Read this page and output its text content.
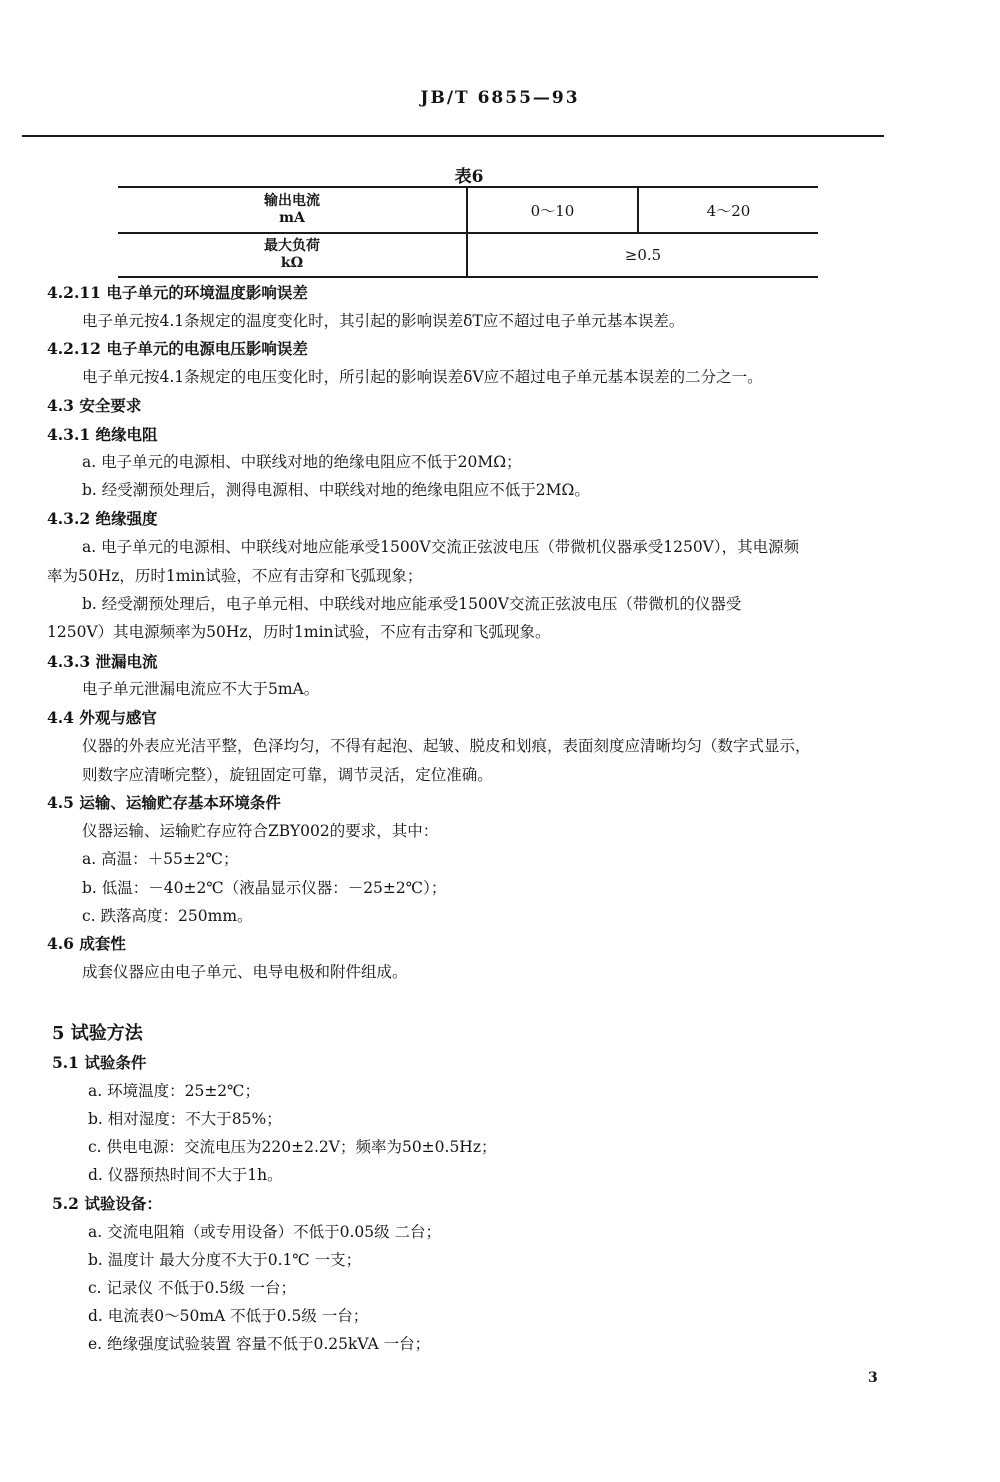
JB/T 6855—93
表6
输出电流
mA	0～10	4～20

最大负荷
kΩ	≥0.5	
4.2.11 电子单元的环境温度影响误差
电子单元按4.1条规定的温度变化时，其引起的影响误差δT应不超过电子单元基本误差。
4.2.12 电子单元的电源电压影响误差
电子单元按4.1条规定的电压变化时，所引起的影响误差δV应不超过电子单元基本误差的二分之一。
4.3 安全要求
4.3.1 绝缘电阻
a. 电子单元的电源相、中联线对地的绝缘电阻应不低于20MΩ；
b. 经受潮预处理后，测得电源相、中联线对地的绝缘电阻应不低于2MΩ。
4.3.2 绝缘强度
a. 电子单元的电源相、中联线对地应能承受1500V交流正弦波电压（带微机仪器承受1250V），其电源频
率为50Hz，历时1min试验，不应有击穿和飞弧现象；
b. 经受潮预处理后，电子单元相、中联线对地应能承受1500V交流正弦波电压（带微机的仪器受
1250V）其电源频率为50Hz，历时1min试验，不应有击穿和飞弧现象。
4.3.3 泄漏电流
电子单元泄漏电流应不大于5mA。
4.4 外观与感官
仪器的外表应光洁平整，色泽均匀，不得有起泡、起皱、脱皮和划痕，表面刻度应清晰均匀（数字式显示，
则数字应清晰完整），旋钮固定可靠，调节灵活，定位准确。
4.5 运输、运输贮存基本环境条件
仪器运输、运输贮存应符合ZBY002的要求，其中：
a. 高温：＋55±2℃；
b. 低温：－40±2℃（液晶显示仪器：－25±2℃）；
c. 跌落高度：250mm。
4.6 成套性
成套仪器应由电子单元、电导电极和附件组成。
5 试验方法
5.1 试验条件
a. 环境温度：25±2℃；
b. 相对湿度：不大于85%；
c. 供电电源：交流电压为220±2.2V；频率为50±0.5Hz；
d. 仪器预热时间不大于1h。
5.2 试验设备：
a. 交流电阻箱（或专用设备）不低于0.05级 二台；
b. 温度计 最大分度不大于0.1℃ 一支；
c. 记录仪 不低于0.5级 一台；
d. 电流表0～50mA 不低于0.5级 一台；
e. 绝缘强度试验装置 容量不低于0.25kVA 一台；
3
